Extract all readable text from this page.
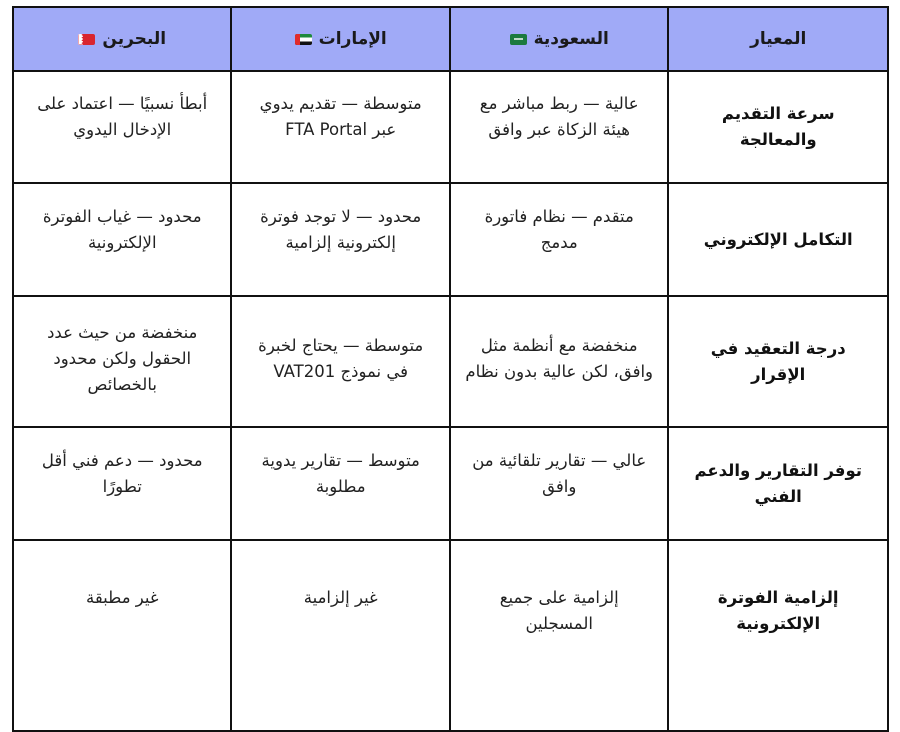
البحرين	الإمارات	السعودية	المعيار
أبطأ نسبيًا — اعتماد على الإدخال اليدوي	متوسطة — تقديم يدوي عبر FTA Portal	عالية — ربط مباشر مع هيئة الزكاة عبر وافق	سرعة التقديم والمعالجة
محدود — غياب الفوترة الإلكترونية	محدود — لا توجد فوترة إلكترونية إلزامية	متقدم — نظام فاتورة مدمج	التكامل الإلكتروني
منخفضة من حيث عدد الحقول ولكن محدود بالخصائص	متوسطة — يحتاج لخبرة في نموذج VAT201	منخفضة مع أنظمة مثل وافق، لكن عالية بدون نظام	درجة التعقيد في الإقرار
محدود — دعم فني أقل تطورًا	متوسط — تقارير يدوية مطلوبة	عالي — تقارير تلقائية من وافق	توفر التقارير والدعم الفني
غير مطبقة	غير إلزامية	إلزامية على جميع المسجلين	إلزامية الفوترة الإلكترونية
